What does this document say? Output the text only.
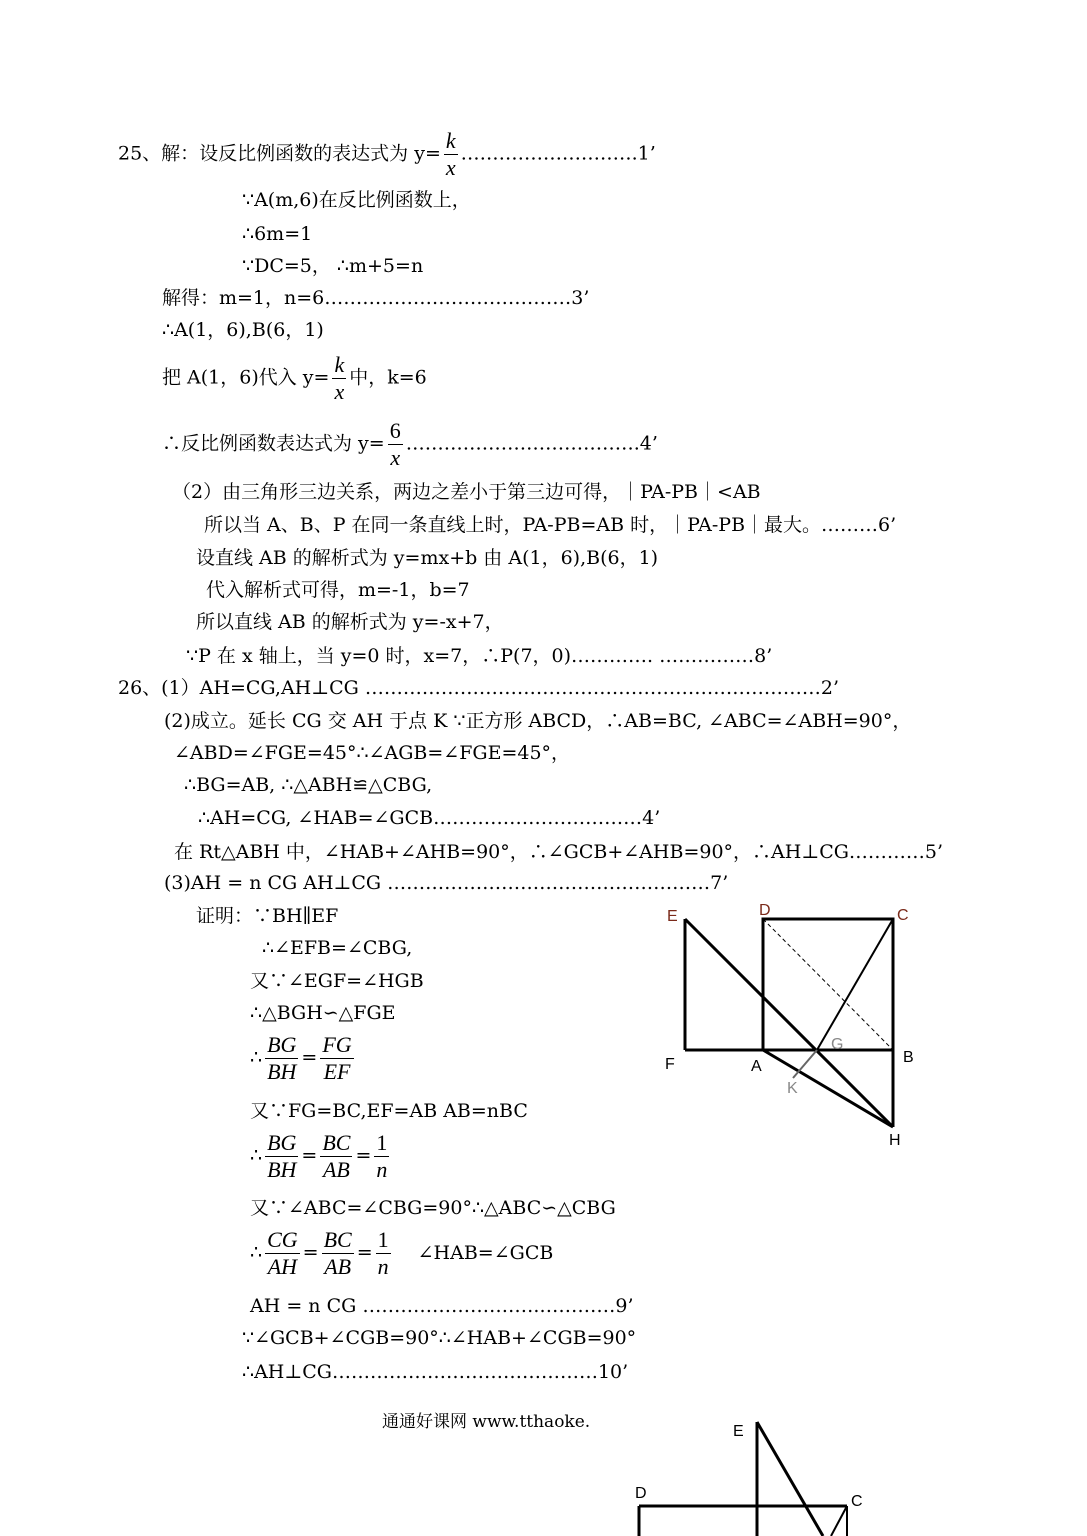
25、解：设反比例函数的表达式为 $y= \frac{k}{x}$ ……………………….1’
∵A(m,6)在反比例函数上，
∴6m=1
∵DC=5， ∴m+5=n
解得：m=1，n=6…………………………………3’
∴A(1，6),B(6，1)
把 A(1，6)代入 $y= \frac{k}{x}$ 中，k=6
∴反比例函数表达式为 $y= \frac{6}{x}$ ……………………………….4’
（2）由三角形三边关系，两边之差小于第三边可得，｜PA-PB｜<AB
所以当 A、B、P 在同一条直线上时，PA-PB=AB 时，｜PA-PB｜最大。………6’
设直线 AB 的解析式为 y=mx+b 由 A(1，6),B(6，1)
代入解析式可得，m=-1，b=7
所以直线 AB 的解析式为 y=-x+7，
∵P 在 x 轴上，当 y=0 时，x=7，∴P(7，0)…………. ……………8’
26、(1）AH=CG,AH⊥CG ………………………………………………………………2’
(2)成立。延长 CG 交 AH 于点 K ∵正方形 ABCD，∴AB=BC, ∠ABC=∠ABH=90°，
∠ABD=∠FGE=45°∴∠AGB=∠FGE=45°，
∴BG=AB, ∴△ABH≌△CBG,
∴AH=CG, ∠HAB=∠GCB……………………………4’
在 Rt△ABH 中，∠HAB+∠AHB=90°，∴∠GCB+∠AHB=90°，∴AH⊥CG…………5’
(3)AH = n CG AH⊥CG ……………………………………………7’
证明：∵BH∥EF
∴∠EFB=∠CBG,
又∵∠EGF=∠HGB
∴△BGH∽△FGE
∴ $\frac{BG}{BH} = \frac{FG}{EF}$
又∵FG=BC,EF=AB AB=nBC
∴ $\frac{BG}{BH} = \frac{BC}{AB} = \frac{1}{n}$
又∵∠ABC=∠CBG=90°∴△ABC∽△CBG
∴ $\frac{CG}{AH} = \frac{BC}{AB} = \frac{1}{n}$ ∠HAB=∠GCB
AH = n CG ……………………….…………9’
∵∠GCB+∠CGB=90°∴∠HAB+∠CGB=90°
∴AH⊥CG……………………………………10’
通通好课网 www.tthaoke.
E	D	C
F	A
G
B
K
H
E
D	C
